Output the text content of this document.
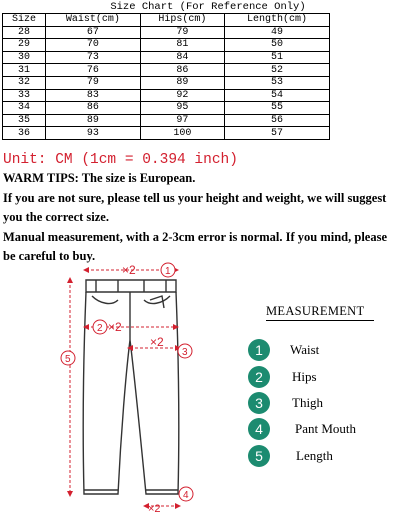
Size Chart (For Reference Only)
Size	Waist(cm)	Hips(cm)	Length(cm)
28	67	79	49
29	70	81	50
30	73	84	51
31	76	86	52
32	79	89	53
33	83	92	54
34	86	95	55
35	89	97	56
36	93	100	57
Unit: CM (1cm = 0.394 inch)
WARM TIPS: The size is European.
If you are not sure, please tell us your height and weight, we will suggest
you the correct size.
Manual measurement, with a 2-3cm error is normal. If you mind, please
be careful to buy.
×2	1
2 ×2
×2
3
5
×2
4
MEASUREMENT
1	Waist
2	Hips
3	Thigh
4	Pant Mouth
5	Length
